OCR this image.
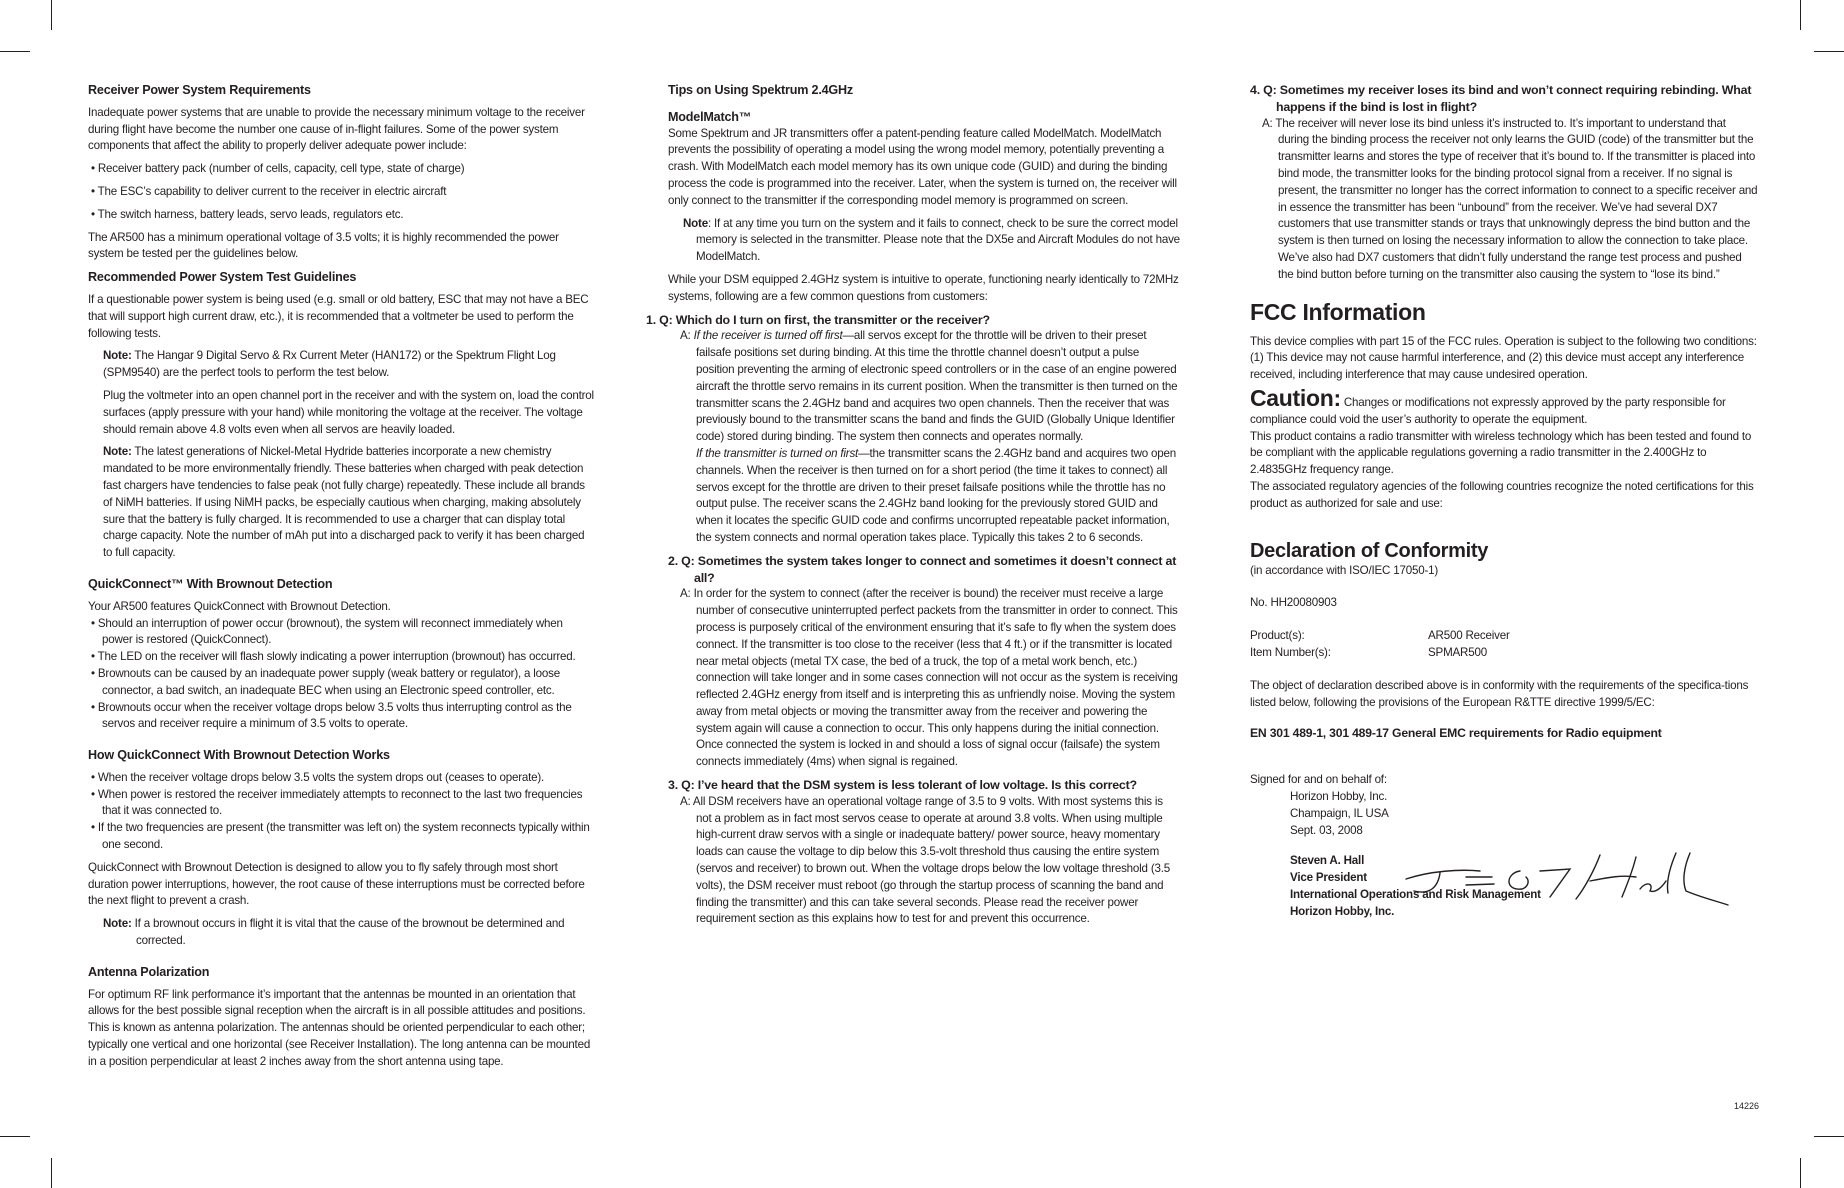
Receiver Power System Requirements

Inadequate power systems that are unable to provide the necessary minimum voltage to the receiver during flight have become the number one cause of in-flight failures. Some of the power system components that affect the ability to properly deliver adequate power include:

• Receiver battery pack (number of cells, capacity, cell type, state of charge)

• The ESC’s capability to deliver current to the receiver in electric aircraft

• The switch harness, battery leads, servo leads, regulators etc.

The AR500 has a minimum operational voltage of 3.5 volts; it is highly recommended the power system be tested per the guidelines below.

Recommended Power System Test Guidelines

If a questionable power system is being used (e.g. small or old battery, ESC that may not have a BEC that will support high current draw, etc.), it is recommended that a voltmeter be used to perform the following tests.

Note: The Hangar 9 Digital Servo & Rx Current Meter (HAN172) or the Spektrum Flight Log (SPM9540) are the perfect tools to perform the test below.

Plug the voltmeter into an open channel port in the receiver and with the system on, load the control surfaces (apply pressure with your hand) while monitoring the voltage at the receiver. The voltage should remain above 4.8 volts even when all servos are heavily loaded.

Note: The latest generations of Nickel-Metal Hydride batteries incorporate a new chemistry mandated to be more environmentally friendly. These batteries when charged with peak detection fast chargers have tendencies to false peak (not fully charge) repeatedly. These include all brands of NiMH batteries. If using NiMH packs, be especially cautious when charging, making absolutely sure that the battery is fully charged. It is recommended to use a charger that can display total charge capacity. Note the number of mAh put into a discharged pack to verify it has been charged to full capacity.

QuickConnect™ With Brownout Detection

Your AR500 features QuickConnect with Brownout Detection.

• Should an interruption of power occur (brownout), the system will reconnect immediately when power is restored (QuickConnect).

• The LED on the receiver will flash slowly indicating a power interruption (brownout) has occurred.

• Brownouts can be caused by an inadequate power supply (weak battery or regulator), a loose connector, a bad switch, an inadequate BEC when using an Electronic speed controller, etc.

• Brownouts occur when the receiver voltage drops below 3.5 volts thus interrupting control as the servos and receiver require a minimum of 3.5 volts to operate.

How QuickConnect With Brownout Detection Works

• When the receiver voltage drops below 3.5 volts the system drops out (ceases to operate).

• When power is restored the receiver immediately attempts to reconnect to the last two frequencies that it was connected to.

• If the two frequencies are present (the transmitter was left on) the system reconnects typically within one second.

QuickConnect with Brownout Detection is designed to allow you to fly safely through most short duration power interruptions, however, the root cause of these interruptions must be corrected before the next flight to prevent a crash.

Note: If a brownout occurs in flight it is vital that the cause of the brownout be determined and corrected.

Antenna Polarization

For optimum RF link performance it’s important that the antennas be mounted in an orientation that allows for the best possible signal reception when the aircraft is in all possible attitudes and positions. This is known as antenna polarization. The antennas should be oriented perpendicular to each other; typically one vertical and one horizontal (see Receiver Installation). The long antenna can be mounted in a position perpendicular at least 2 inches away from the short antenna using tape.

Tips on Using Spektrum 2.4GHz
ModelMatch™

Some Spektrum and JR transmitters offer a patent-pending feature called ModelMatch. ModelMatch prevents the possibility of operating a model using the wrong model memory, potentially preventing a crash. With ModelMatch each model memory has its own unique code (GUID) and during the binding process the code is programmed into the receiver. Later, when the system is turned on, the receiver will only connect to the transmitter if the corresponding model memory is programmed on screen.

Note: If at any time you turn on the system and it fails to connect, check to be sure the correct model memory is selected in the transmitter. Please note that the DX5e and Aircraft Modules do not have ModelMatch.

While your DSM equipped 2.4GHz system is intuitive to operate, functioning nearly identically to 72MHz systems, following are a few common questions from customers:

1. Q: Which do I turn on first, the transmitter or the receiver?

A: If the receiver is turned off first—all servos except for the throttle will be driven to their preset failsafe positions set during binding. At this time the throttle channel doesn’t output a pulse position preventing the arming of electronic speed controllers or in the case of an engine powered aircraft the throttle servo remains in its current position. When the transmitter is then turned on the transmitter scans the 2.4GHz band and acquires two open channels. Then the receiver that was previously bound to the transmitter scans the band and finds the GUID (Globally Unique Identifier code) stored during binding. The system then connects and operates normally.

If the transmitter is turned on first—the transmitter scans the 2.4GHz band and acquires two open channels. When the receiver is then turned on for a short period (the time it takes to connect) all servos except for the throttle are driven to their preset failsafe positions while the throttle has no output pulse. The receiver scans the 2.4GHz band looking for the previously stored GUID and when it locates the specific GUID code and confirms uncorrupted repeatable packet information, the system connects and normal operation takes place. Typically this takes 2 to 6 seconds.

2. Q: Sometimes the system takes longer to connect and sometimes it doesn’t connect at all?

A: In order for the system to connect (after the receiver is bound) the receiver must receive a large number of consecutive uninterrupted perfect packets from the transmitter in order to connect. This process is purposely critical of the environment ensuring that it’s safe to fly when the system does connect. If the transmitter is too close to the receiver (less that 4 ft.) or if the transmitter is located near metal objects (metal TX case, the bed of a truck, the top of a metal work bench, etc.) connection will take longer and in some cases connection will not occur as the system is receiving reflected 2.4GHz energy from itself and is interpreting this as unfriendly noise. Moving the system away from metal objects or moving the transmitter away from the receiver and powering the system again will cause a connection to occur. This only happens during the initial connection. Once connected the system is locked in and should a loss of signal occur (failsafe) the system connects immediately (4ms) when signal is regained.

3. Q: I’ve heard that the DSM system is less tolerant of low voltage. Is this correct?

A: All DSM receivers have an operational voltage range of 3.5 to 9 volts. With most systems this is not a problem as in fact most servos cease to operate at around 3.8 volts. When using multiple high-current draw servos with a single or inadequate battery/ power source, heavy momentary loads can cause the voltage to dip below this 3.5-volt threshold thus causing the entire system (servos and receiver) to brown out. When the voltage drops below the low voltage threshold (3.5 volts), the DSM receiver must reboot (go through the startup process of scanning the band and finding the transmitter) and this can take several seconds. Please read the receiver power requirement section as this explains how to test for and prevent this occurrence.

4. Q: Sometimes my receiver loses its bind and won’t connect requiring rebinding. What happens if the bind is lost in flight?

A: The receiver will never lose its bind unless it’s instructed to. It’s important to understand that during the binding process the receiver not only learns the GUID (code) of the transmitter but the transmitter learns and stores the type of receiver that it’s bound to. If the transmitter is placed into bind mode, the transmitter looks for the binding protocol signal from a receiver. If no signal is present, the transmitter no longer has the correct information to connect to a specific receiver and in essence the transmitter has been “unbound” from the receiver. We’ve had several DX7 customers that use transmitter stands or trays that unknowingly depress the bind button and the system is then turned on losing the necessary information to allow the connection to take place. We’ve also had DX7 customers that didn’t fully understand the range test process and pushed the bind button before turning on the transmitter also causing the system to “lose its bind.”

FCC Information

This device complies with part 15 of the FCC rules. Operation is subject to the following two conditions: (1) This device may not cause harmful interference, and (2) this device must accept any interference received, including interference that may cause undesired operation.

Caution: Changes or modifications not expressly approved by the party responsible for compliance could void the user’s authority to operate the equipment.

This product contains a radio transmitter with wireless technology which has been tested and found to be compliant with the applicable regulations governing a radio transmitter in the 2.400GHz to 2.4835GHz frequency range.

The associated regulatory agencies of the following countries recognize the noted certifications for this product as authorized for sale and use:

Declaration of Conformity

(in accordance with ISO/IEC 17050-1)

No. HH20080903

Product(s):	AR500 Receiver
Item Number(s):	SPMAR500

The object of declaration described above is in conformity with the requirements of the specifica-tions listed below, following the provisions of the European R&TTE directive 1999/5/EC:

EN 301 489-1, 301 489-17 General EMC requirements for Radio equipment

Signed for and on behalf of:

Horizon Hobby, Inc.
Champaign, IL USA
Sept. 03, 2008
Steven A. Hall
Vice President
International Operations and Risk Management
Horizon Hobby, Inc.
14226
